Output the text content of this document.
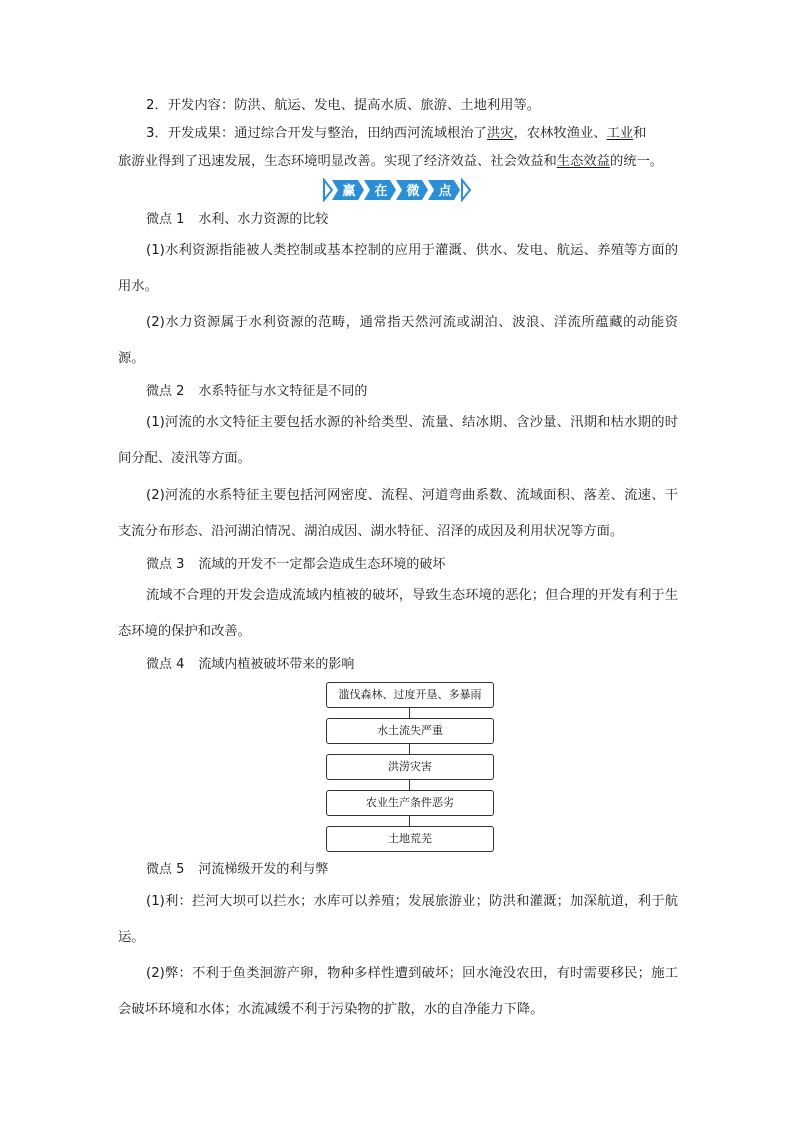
2．开发内容：防洪、航运、发电、提高水质、旅游、土地利用等。
3．开发成果：通过综合开发与整治，田纳西河流域根治了洪灾，农林牧渔业、工业和
旅游业得到了迅速发展，生态环境明显改善。实现了经济效益、社会效益和生态效益的统一。
赢 在 微 点
微点 1 水利、水力资源的比较
(1)水利资源指能被人类控制或基本控制的应用于灌溉、供水、发电、航运、养殖等方面的用水。
(2)水力资源属于水利资源的范畴，通常指天然河流或湖泊、波浪、洋流所蕴藏的动能资源。
微点 2 水系特征与水文特征是不同的
(1)河流的水文特征主要包括水源的补给类型、流量、结冰期、含沙量、汛期和枯水期的时间分配、凌汛等方面。
(2)河流的水系特征主要包括河网密度、流程、河道弯曲系数、流域面积、落差、流速、干支流分布形态、沿河湖泊情况、湖泊成因、湖水特征、沼泽的成因及利用状况等方面。
微点 3 流域的开发不一定都会造成生态环境的破坏
流域不合理的开发会造成流域内植被的破坏，导致生态环境的恶化；但合理的开发有利于生态环境的保护和改善。
微点 4 流域内植被破坏带来的影响
滥伐森林、过度开垦、多暴雨
水土流失严重
洪涝灾害
农业生产条件恶劣
土地荒芜
微点 5 河流梯级开发的利与弊
(1)利：拦河大坝可以拦水；水库可以养殖；发展旅游业；防洪和灌溉；加深航道，利于航运。
(2)弊：不利于鱼类洄游产卵，物种多样性遭到破坏；回水淹没农田，有时需要移民；施工会破坏环境和水体；水流减缓不利于污染物的扩散，水的自净能力下降。
